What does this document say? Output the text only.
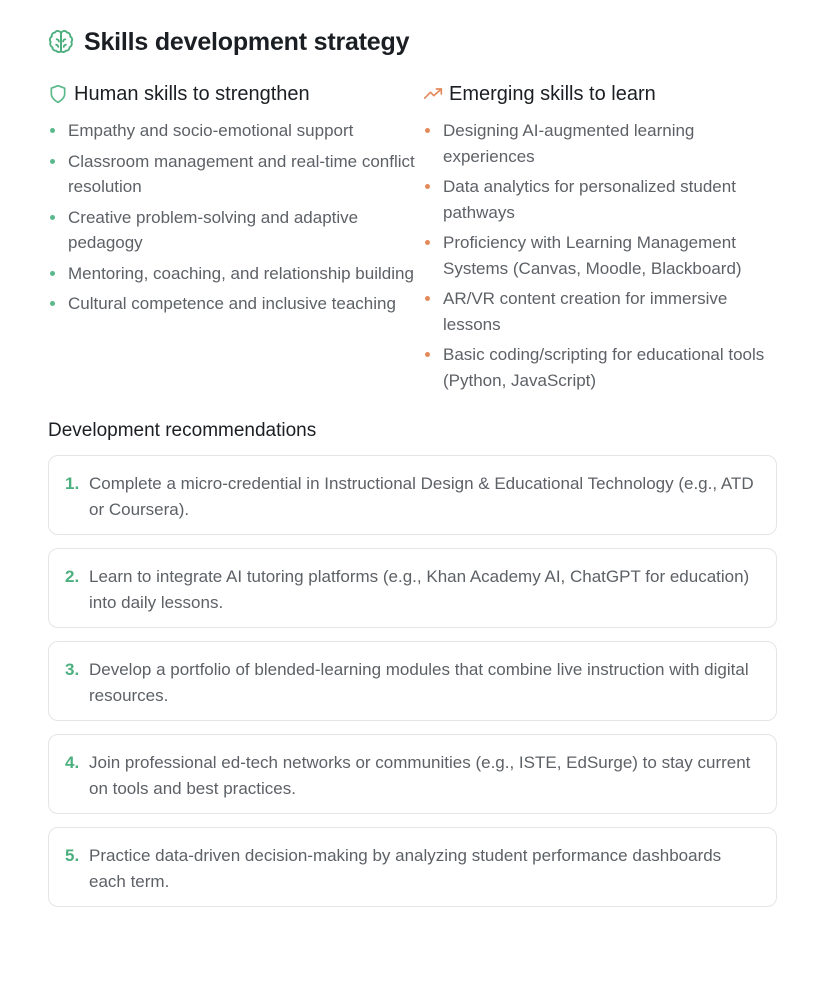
Skills development strategy
Human skills to strengthen
Empathy and socio-emotional support
Classroom management and real-time conflict resolution
Creative problem-solving and adaptive pedagogy
Mentoring, coaching, and relationship building
Cultural competence and inclusive teaching
Emerging skills to learn
Designing AI-augmented learning experiences
Data analytics for personalized student pathways
Proficiency with Learning Management Systems (Canvas, Moodle, Blackboard)
AR/VR content creation for immersive lessons
Basic coding/scripting for educational tools (Python, JavaScript)
Development recommendations
1. Complete a micro-credential in Instructional Design & Educational Technology (e.g., ATD or Coursera).
2. Learn to integrate AI tutoring platforms (e.g., Khan Academy AI, ChatGPT for education) into daily lessons.
3. Develop a portfolio of blended-learning modules that combine live instruction with digital resources.
4. Join professional ed-tech networks or communities (e.g., ISTE, EdSurge) to stay current on tools and best practices.
5. Practice data-driven decision-making by analyzing student performance dashboards each term.
